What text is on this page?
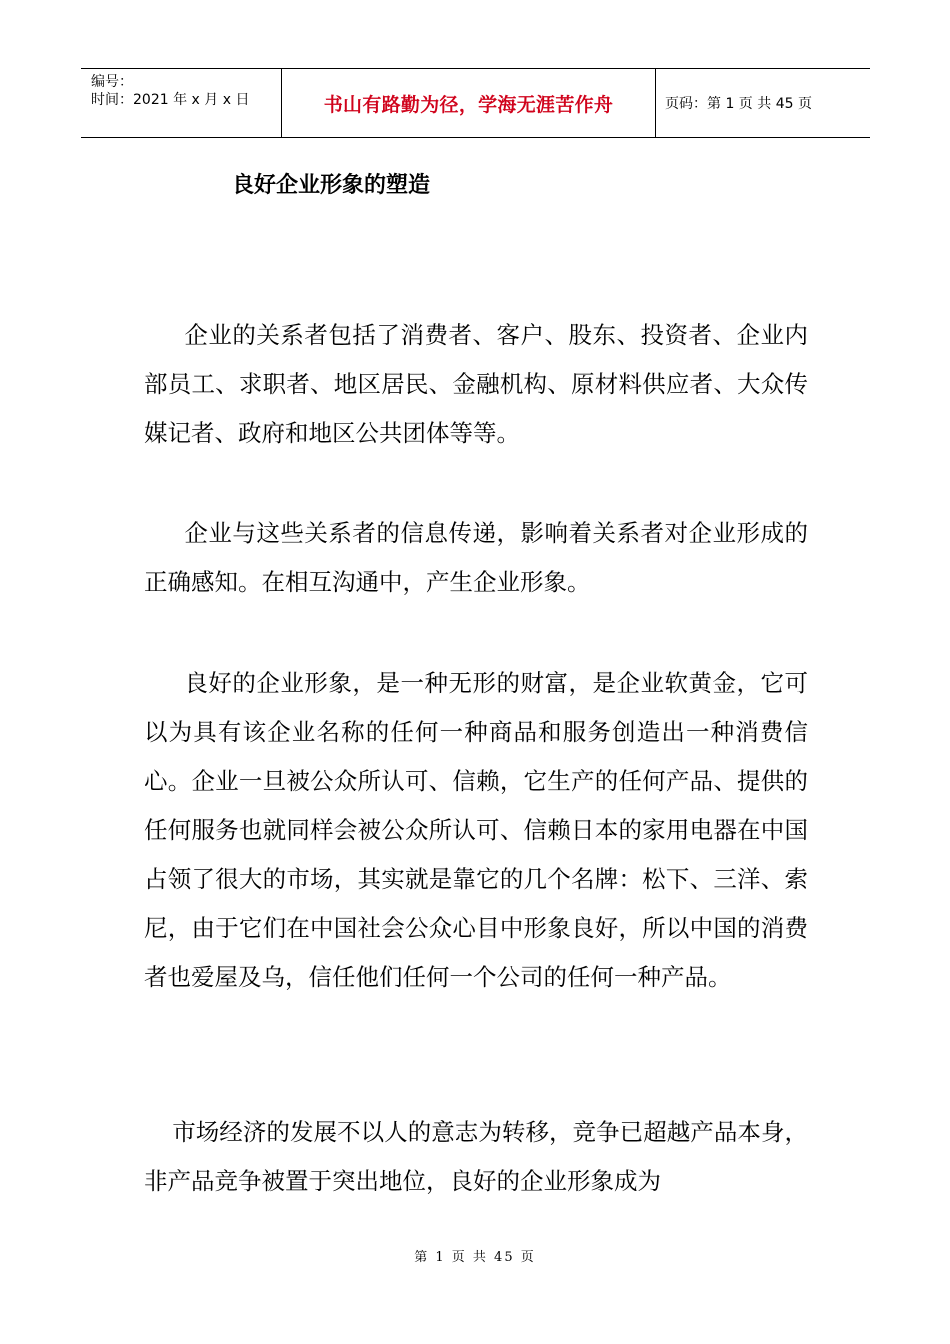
编号：
时间：2021 年 x 月 x 日	书山有路勤为径，学海无涯苦作舟	页码：第 1 页 共 45 页
良好企业形象的塑造

企业的关系者包括了消费者、客户、股东、投资者、企业内部员工、求职者、地区居民、金融机构、原材料供应者、大众传媒记者、政府和地区公共团体等等。

企业与这些关系者的信息传递，影响着关系者对企业形成的正确感知。在相互沟通中，产生企业形象。

良好的企业形象，是一种无形的财富，是企业软黄金，它可以为具有该企业名称的任何一种商品和服务创造出一种消费信心。企业一旦被公众所认可、信赖，它生产的任何产品、提供的任何服务也就同样会被公众所认可、信赖日本的家用电器在中国占领了很大的市场，其实就是靠它的几个名牌：松下、三洋、索尼，由于它们在中国社会公众心目中形象良好，所以中国的消费者也爱屋及乌，信任他们任何一个公司的任何一种产品。

市场经济的发展不以人的意志为转移，竞争已超越产品本身，非产品竞争被置于突出地位，良好的企业形象成为

第 1 页 共 45 页
